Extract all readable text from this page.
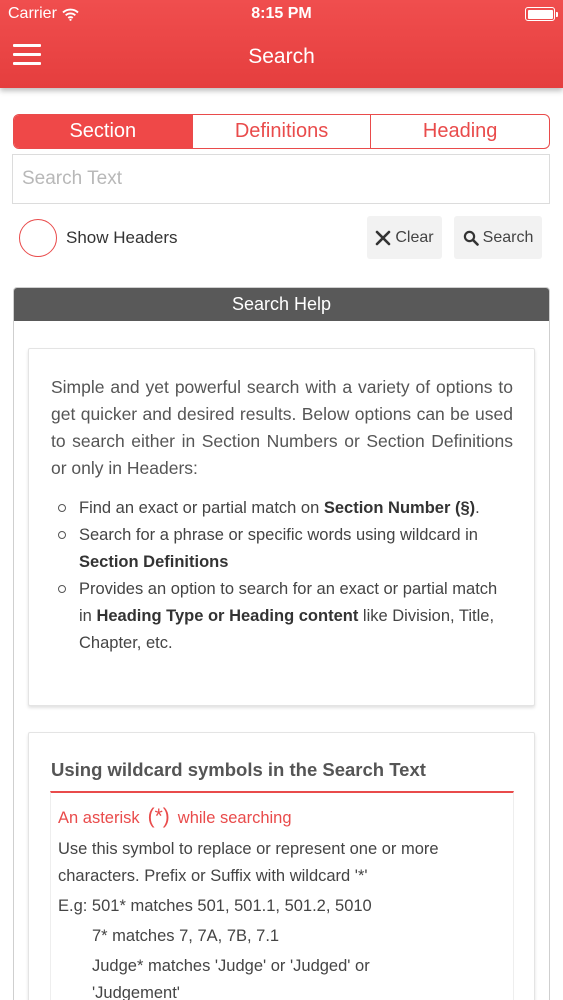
Carrier	8:15 PM
Search
Section	Definitions	Heading
Search Text
Show Headers	Clear	Search
Search Help

Simple and yet powerful search with a variety of options to get quicker and desired results. Below options can be used to search either in Section Numbers or Section Definitions or only in Headers:

Find an exact or partial match on Section Number (§).
Search for a phrase or specific words using wildcard in Section Definitions
Provides an option to search for an exact or partial match in Heading Type or Heading content like Division, Title, Chapter, etc.
Using wildcard symbols in the Search Text
An asterisk (*) while searching
Use this symbol to replace or represent one or more characters. Prefix or Suffix with wildcard '*'
E.g: 501* matches 501, 501.1, 501.2, 5010
7* matches 7, 7A, 7B, 7.1
Judge* matches 'Judge' or 'Judged' or 'Judgement'
